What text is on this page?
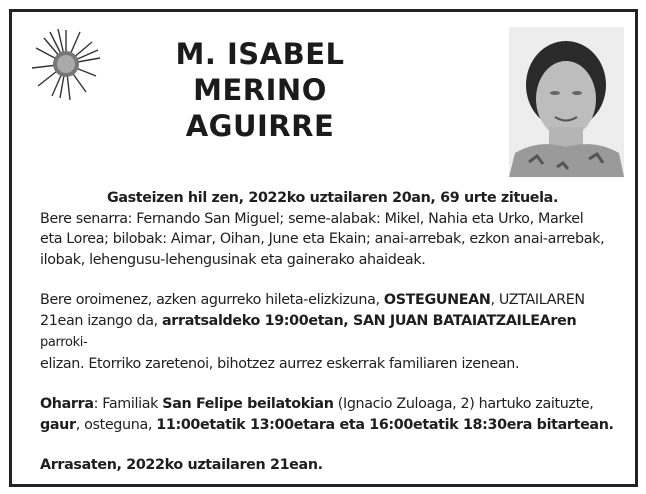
M. ISABEL MERINO
AGUIRRE

Gasteizen hil zen, 2022ko uztailaren 20an, 69 urte zituela.

Bere senarra: Fernando San Miguel; seme-alabak: Mikel, Nahia eta Urko, Markel

eta Lorea; bilobak: Aimar, Oihan, June eta Ekain; anai-arrebak, ezkon anai-arrebak,

ilobak, lehengusu-lehengusinak eta gainerako ahaideak.

Bere oroimenez, azken agurreko hileta-elizkizuna, OSTEGUNEAN, UZTAILAREN

21ean izango da, arratsaldeko 19:00etan, SAN JUAN BATAIATZAILEAren parroki-

elizan. Etorriko zaretenoi, bihotzez aurrez eskerrak familiaren izenean.

Oharra: Familiak San Felipe beilatokian (Ignacio Zuloaga, 2) hartuko zaituzte,

gaur, osteguna, 11:00etatik 13:00etara eta 16:00etatik 18:30era bitartean.

Arrasaten, 2022ko uztailaren 21ean.
